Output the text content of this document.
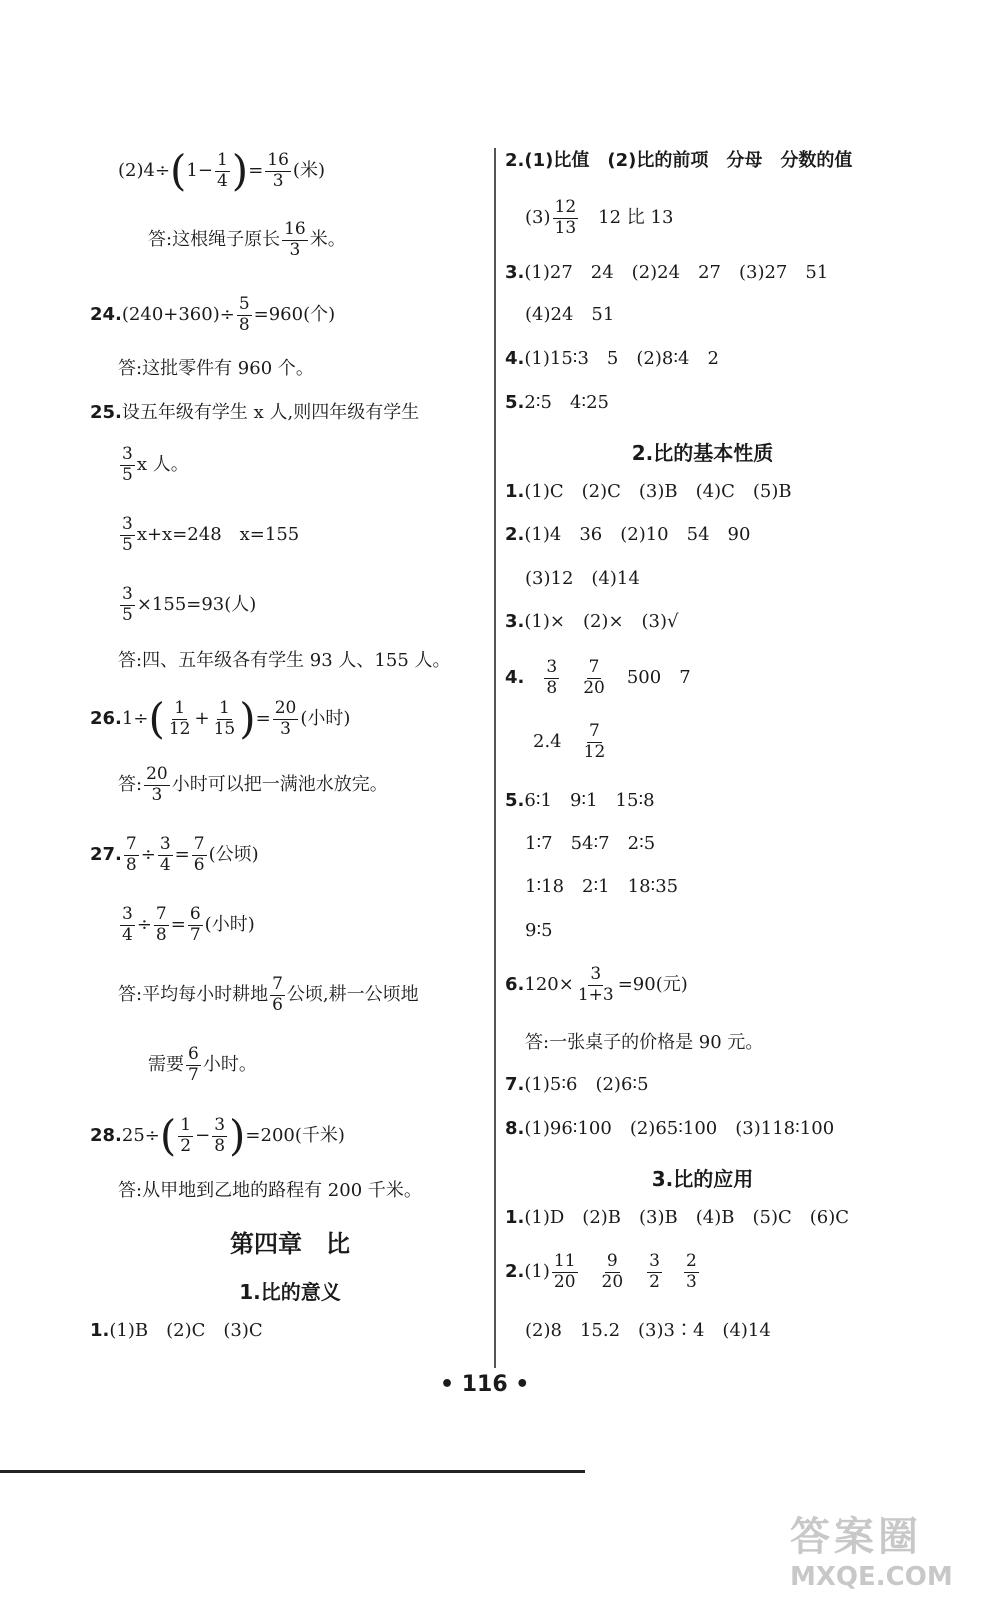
$(2)4\div(1- \frac{1}{4}$ )= $\frac{16}{3}$ (米)
答:这根绳子原长 $\frac{16}{3}$ 米。
$24.(240+360)\div \frac{5}{8} =960$(个)
答:这批零件有 960 个。
25.设五年级有学生 x 人,则四年级有学生
$\frac{3}{5}$ x 人。
$\frac{3}{5} x+x=248$　x=155
$\frac{3}{5} \times 155=93$(人)
答:四、五年级各有学生 93 人、155 人。
$26.1\div( \frac{1}{12} + \frac{1}{15}$ )= $\frac{20}{3}$ (小时)
答: $\frac{20}{3}$ 小时可以把一满池水放完。
27. $\frac{7}{8} \div \frac{3}{4} = \frac{7}{6}$ (公顷)
$\frac{3}{4} \div \frac{7}{8} = \frac{6}{7}$ (小时)
答:平均每小时耕地 $\frac{7}{6}$ 公顷,耕一公顷地
需要 $\frac{6}{7}$ 小时。
$28.25\div( \frac{1}{2} - \frac{3}{8} )=200$(千米)
答:从甲地到乙地的路程有 200 千米。
第四章　比
1.比的意义
1.(1)B　(2)C　(3)C
2.(1)比值　(2)比的前项　分母　分数的值
$(3) \frac{12}{13} 12$ 比 13
3.(1)27　24　(2)24　27　(3)27　51
(4)24　51
4.(1)15∶3　5　(2)8∶4　2
5.2∶5　4∶25
2.比的基本性质
1.(1)C　(2)C　(3)B　(4)C　(5)B
2.(1)4　36　(2)10　54　90
(3)12　(4)14
3.(1)×　(2)×　(3)√
4. $\frac{3}{8} \frac{7}{20} 500$　7
$2.4 \frac{7}{12}$
5.6∶1　9∶1　15∶8
1∶7　54∶7　2∶5
1∶18　2∶1　18∶35
9∶5
$6.120\times \frac{3}{1+3} =90$(元)
答:一张桌子的价格是 90 元。
7.(1)5∶6　(2)6∶5
8.(1)96∶100　(2)65∶100　(3)118∶100
3.比的应用
1.(1)D　(2)B　(3)B　(4)B　(5)C　(6)C
$2.(1) \frac{11}{20} \frac{9}{20} \frac{3}{2} \frac{2}{3}$
(2)8　15.2　(3)3∶4　(4)14
• 116 •
答案圈
MXQE.COM
